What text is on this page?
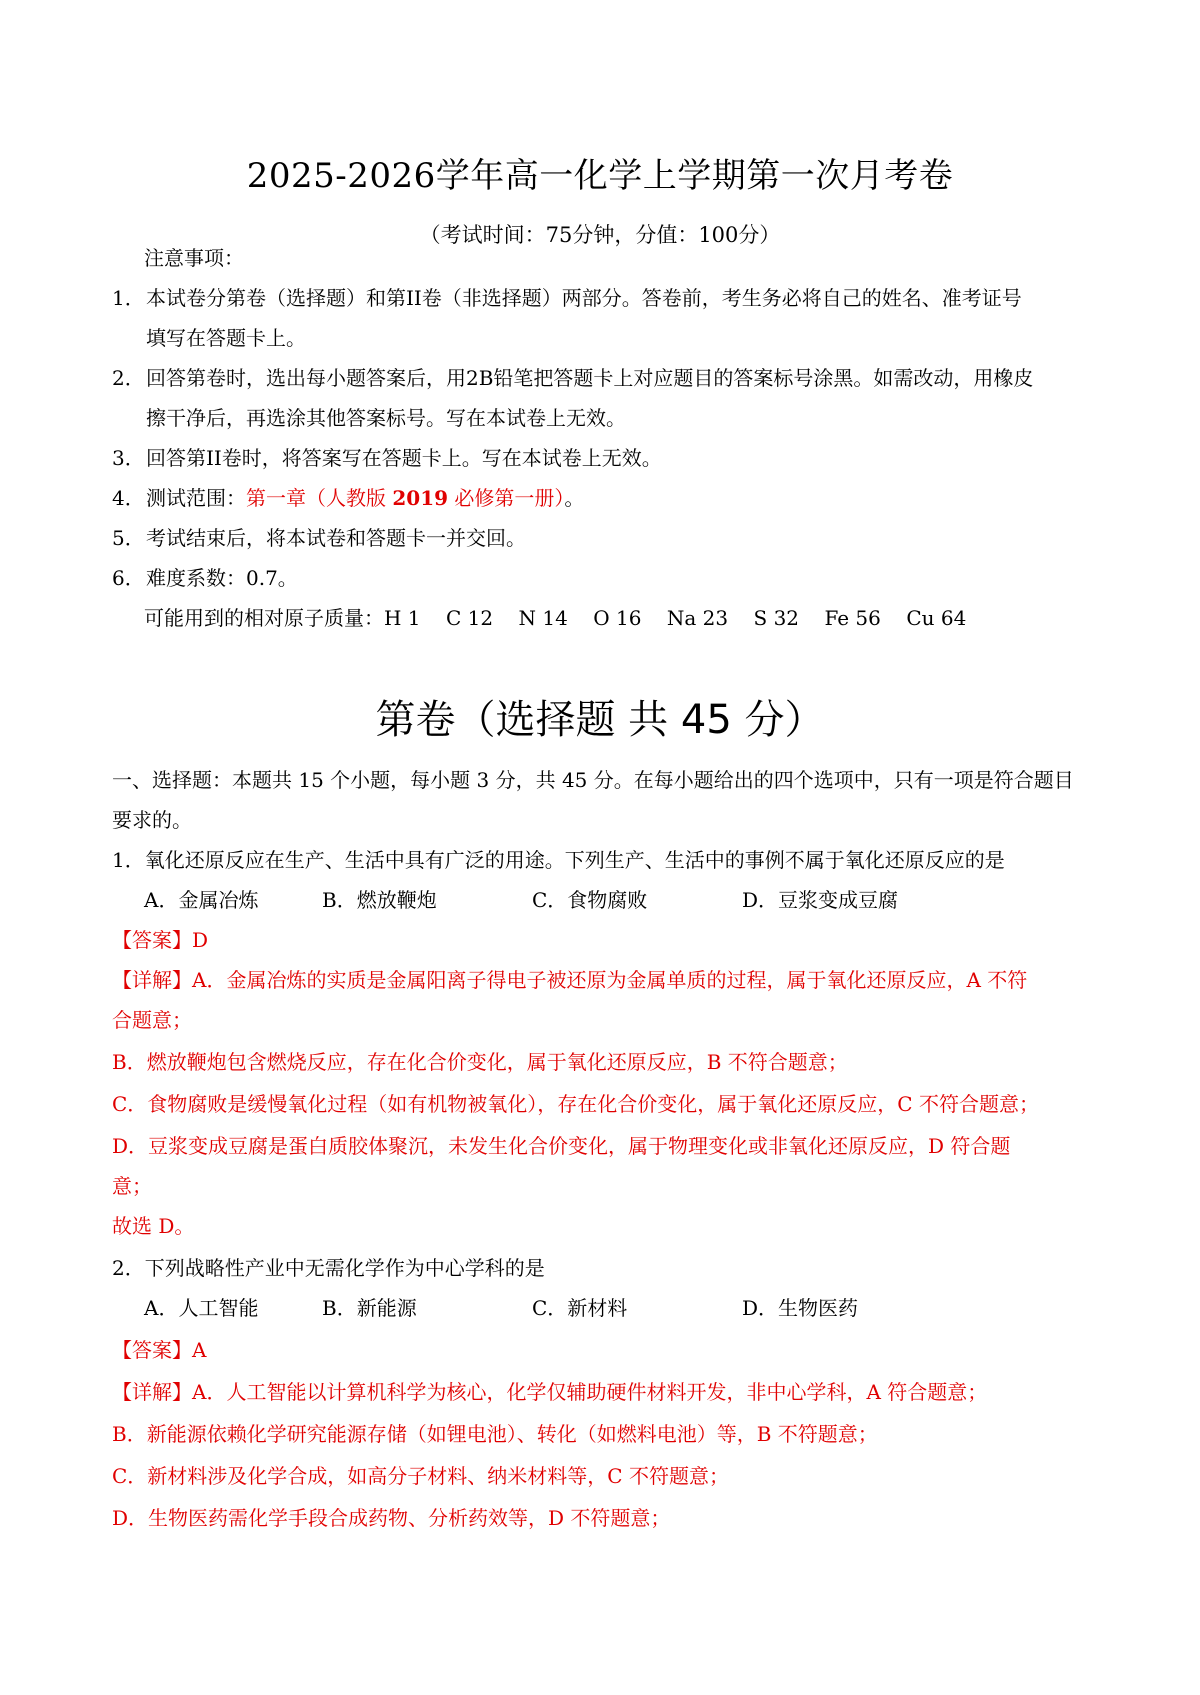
2025-2026学年高一化学上学期第一次月考卷
（考试时间：75分钟，分值：100分）
注意事项：
1．本试卷分第卷（选择题）和第II卷（非选择题）两部分。答卷前，考生务必将自己的姓名、准考证号
填写在答题卡上。
2．回答第卷时，选出每小题答案后，用2B铅笔把答题卡上对应题目的答案标号涂黑。如需改动，用橡皮
擦干净后，再选涂其他答案标号。写在本试卷上无效。
3．回答第II卷时，将答案写在答题卡上。写在本试卷上无效。
4．测试范围：第一章（人教版 2019 必修第一册）。
5．考试结束后，将本试卷和答题卡一并交回。
6．难度系数：0.7。
可能用到的相对原子质量：H 1    C 12    N 14    O 16    Na 23    S 32    Fe 56    Cu 64
第卷（选择题 共 45 分）
一、选择题：本题共 15 个小题，每小题 3 分，共 45 分。在每小题给出的四个选项中，只有一项是符合题目
要求的。
1．氧化还原反应在生产、生活中具有广泛的用途。下列生产、生活中的事例不属于氧化还原反应的是
A．金属冶炼	B．燃放鞭炮	C．食物腐败	D．豆浆变成豆腐
【答案】D
【详解】A．金属冶炼的实质是金属阳离子得电子被还原为金属单质的过程，属于氧化还原反应，A 不符
合题意；
B．燃放鞭炮包含燃烧反应，存在化合价变化，属于氧化还原反应，B 不符合题意；
C．食物腐败是缓慢氧化过程（如有机物被氧化），存在化合价变化，属于氧化还原反应，C 不符合题意；
D．豆浆变成豆腐是蛋白质胶体聚沉，未发生化合价变化，属于物理变化或非氧化还原反应，D 符合题
意；
故选 D。
2．下列战略性产业中无需化学作为中心学科的是
A．人工智能	B．新能源	C．新材料	D．生物医药
【答案】A
【详解】A．人工智能以计算机科学为核心，化学仅辅助硬件材料开发，非中心学科，A 符合题意；
B．新能源依赖化学研究能源存储（如锂电池）、转化（如燃料电池）等，B 不符题意；
C．新材料涉及化学合成，如高分子材料、纳米材料等，C 不符题意；
D．生物医药需化学手段合成药物、分析药效等，D 不符题意；
